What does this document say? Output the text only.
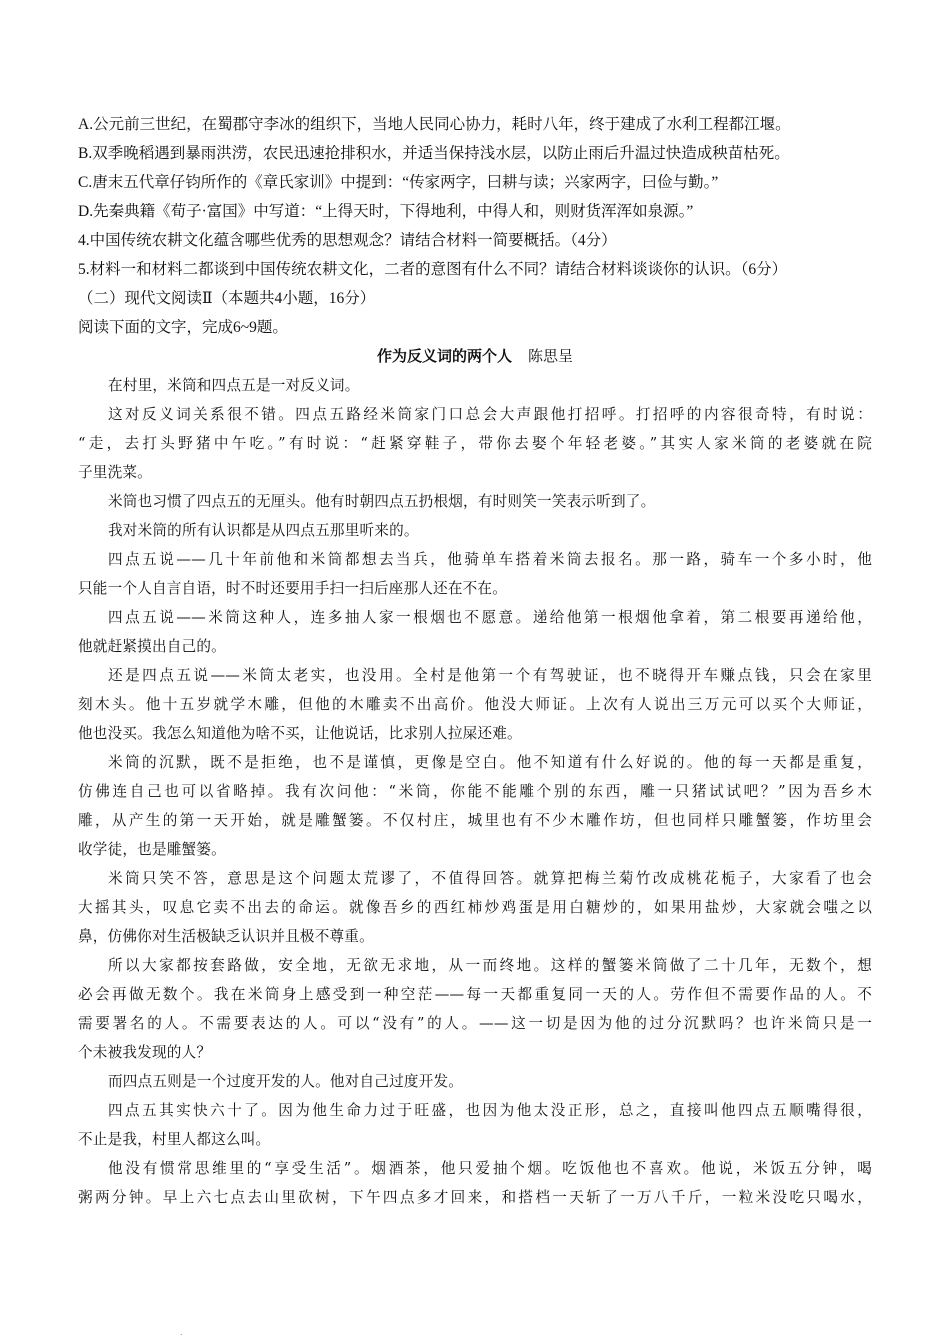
A.公元前三世纪，在蜀郡守李冰的组织下，当地人民同心协力，耗时八年，终于建成了水利工程都江堰。
B.双季晚稻遇到暴雨洪涝，农民迅速抢排积水，并适当保持浅水层，以防止雨后升温过快造成秧苗枯死。
C.唐末五代章仔钧所作的《章氏家训》中提到：“传家两字，曰耕与读；兴家两字，曰俭与勤。”
D.先秦典籍《荀子·富国》中写道：“上得天时，下得地利，中得人和，则财货浑浑如泉源。”
4.中国传统农耕文化蕴含哪些优秀的思想观念？请结合材料一简要概括。（4分）
5.材料一和材料二都谈到中国传统农耕文化，二者的意图有什么不同？请结合材料谈谈你的认识。（6分）
（二）现代文阅读Ⅱ（本题共4小题，16分）
阅读下面的文字，完成6~9题。
作为反义词的两个人 陈思呈
在村里，米筒和四点五是一对反义词。
这对反义词关系很不错。四点五路经米筒家门口总会大声跟他打招呼。打招呼的内容很奇特，有时说：
“走，去打头野猪中午吃。”有时说：“赶紧穿鞋子，带你去娶个年轻老婆。”其实人家米筒的老婆就在院
子里洗菜。
米筒也习惯了四点五的无厘头。他有时朝四点五扔根烟，有时则笑一笑表示听到了。
我对米筒的所有认识都是从四点五那里听来的。
四点五说——几十年前他和米筒都想去当兵，他骑单车搭着米筒去报名。那一路，骑车一个多小时，他
只能一个人自言自语，时不时还要用手扫一扫后座那人还在不在。
四点五说——米筒这种人，连多抽人家一根烟也不愿意。递给他第一根烟他拿着，第二根要再递给他，
他就赶紧摸出自己的。
还是四点五说——米筒太老实，也没用。全村是他第一个有驾驶证，也不晓得开车赚点钱，只会在家里
刻木头。他十五岁就学木雕，但他的木雕卖不出高价。他没大师证。上次有人说出三万元可以买个大师证，
他也没买。我怎么知道他为啥不买，让他说话，比求别人拉屎还难。
米筒的沉默，既不是拒绝，也不是谨慎，更像是空白。他不知道有什么好说的。他的每一天都是重复，
仿佛连自己也可以省略掉。我有次问他：“米筒，你能不能雕个别的东西，雕一只猪试试吧？”因为吾乡木
雕，从产生的第一天开始，就是雕蟹篓。不仅村庄，城里也有不少木雕作坊，但也同样只雕蟹篓，作坊里会
收学徒，也是雕蟹篓。
米筒只笑不答，意思是这个问题太荒谬了，不值得回答。就算把梅兰菊竹改成桃花栀子，大家看了也会
大摇其头，叹息它卖不出去的命运。就像吾乡的西红柿炒鸡蛋是用白糖炒的，如果用盐炒，大家就会嗤之以
鼻，仿佛你对生活极缺乏认识并且极不尊重。
所以大家都按套路做，安全地，无欲无求地，从一而终地。这样的蟹篓米筒做了二十几年，无数个，想
必会再做无数个。我在米筒身上感受到一种空茫——每一天都重复同一天的人。劳作但不需要作品的人。不
需要署名的人。不需要表达的人。可以“没有”的人。——这一切是因为他的过分沉默吗？也许米筒只是一
个未被我发现的人？
而四点五则是一个过度开发的人。他对自己过度开发。
四点五其实快六十了。因为他生命力过于旺盛，也因为他太没正形，总之，直接叫他四点五顺嘴得很，
不止是我，村里人都这么叫。
他没有惯常思维里的“享受生活”。烟酒茶，他只爱抽个烟。吃饭他也不喜欢。他说，米饭五分钟，喝
粥两分钟。早上六七点去山里砍树，下午四点多才回来，和搭档一天斩了一万八千斤，一粒米没吃只喝水，
.
